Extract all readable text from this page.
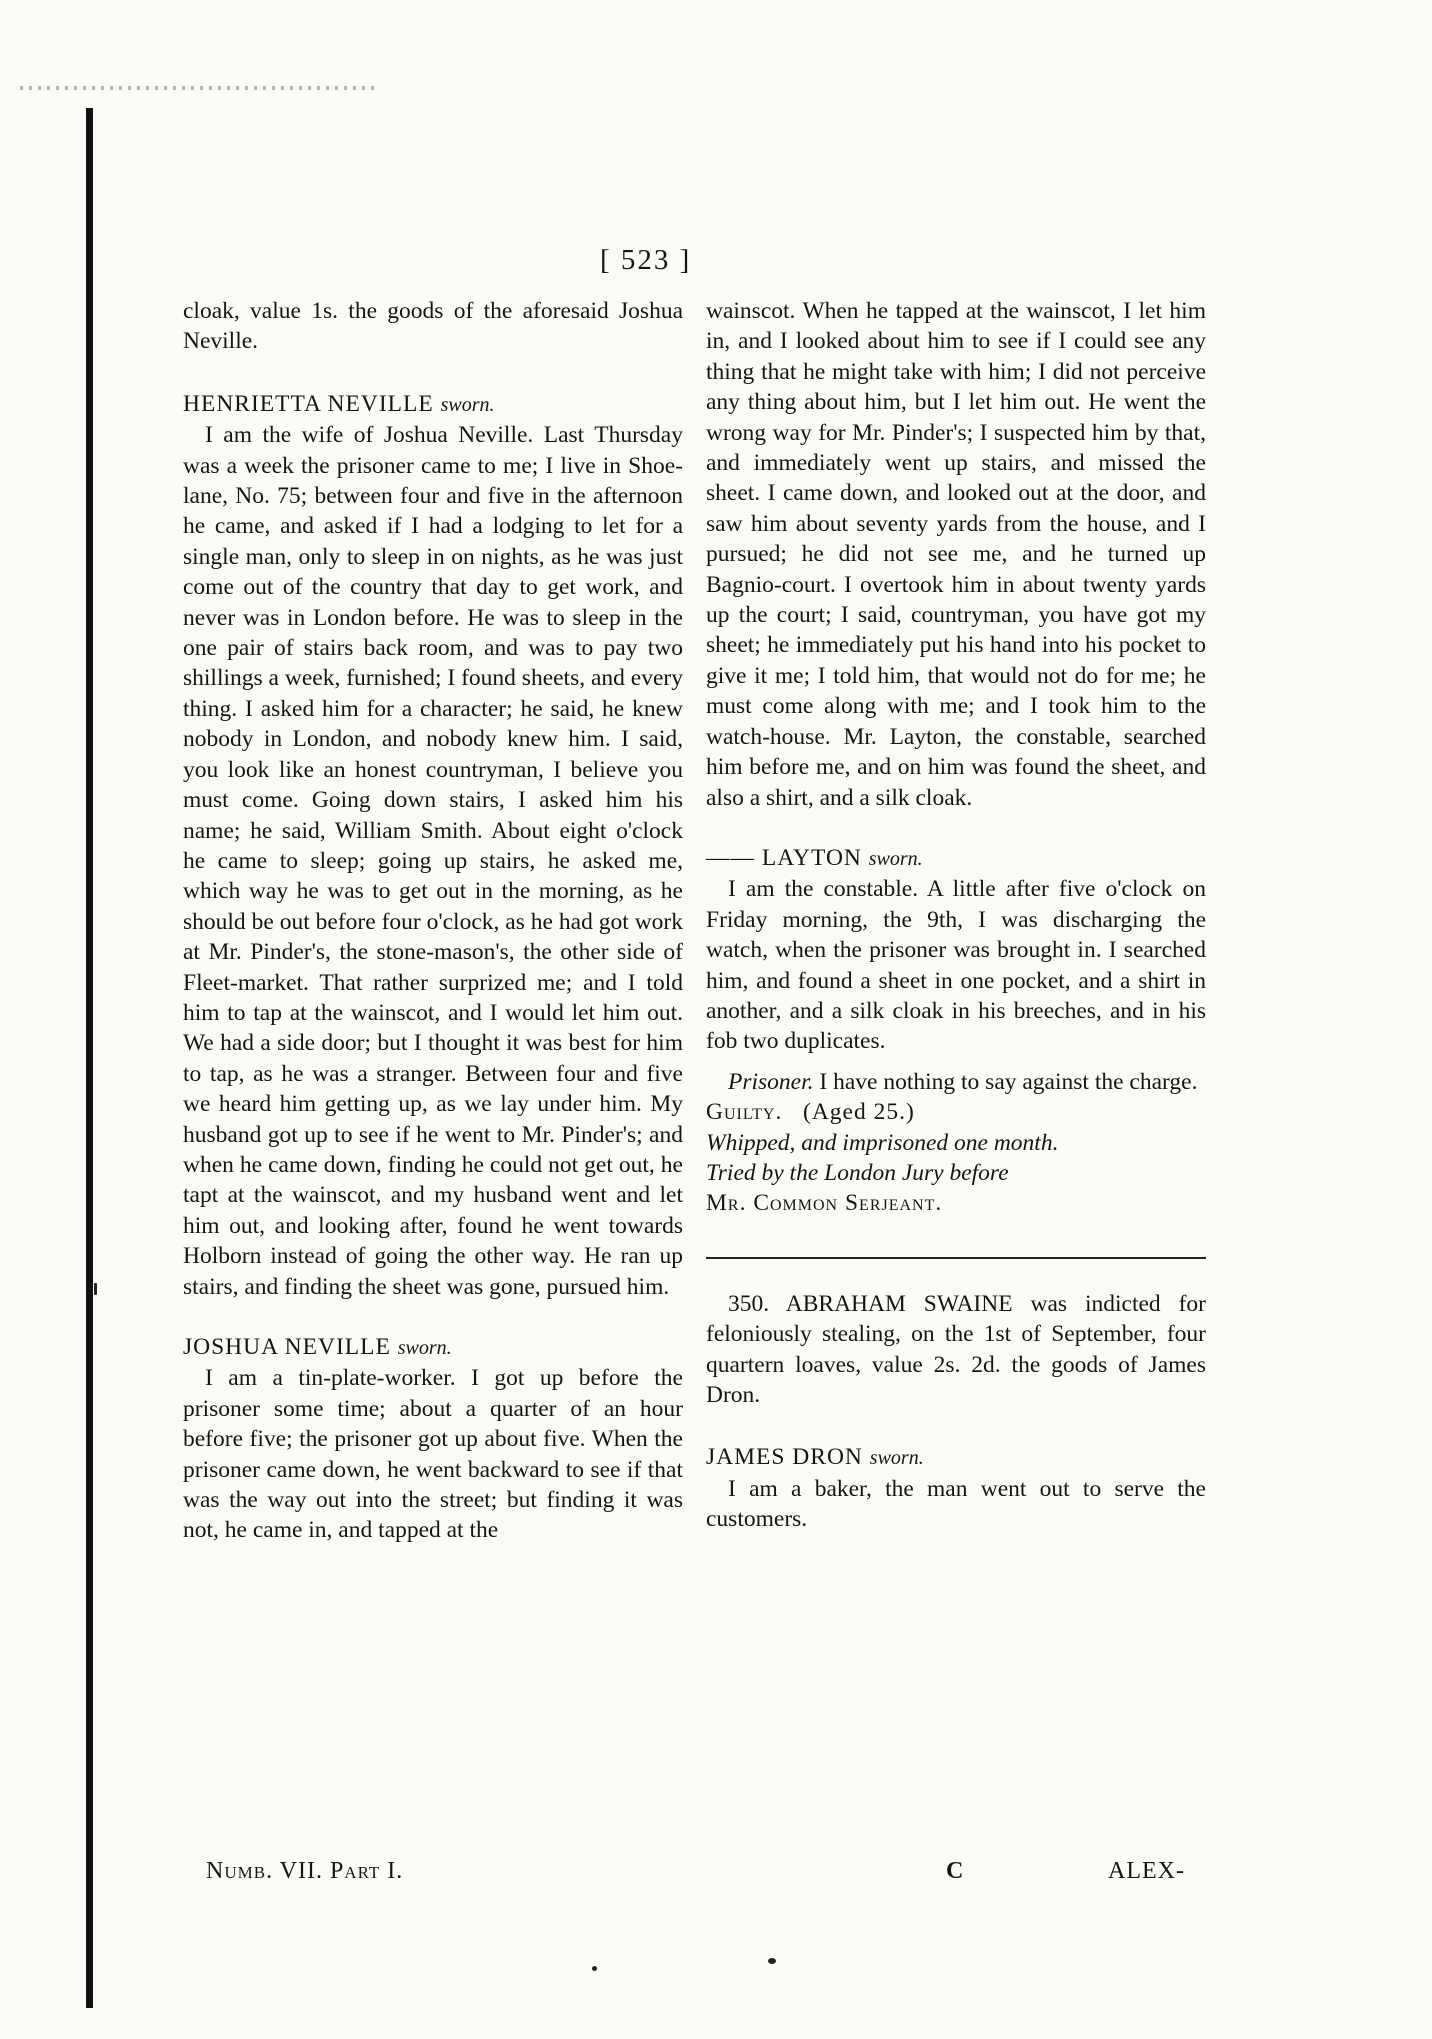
[ 523 ]

cloak, value 1s. the goods of the aforesaid Joshua Neville.

HENRIETTA NEVILLE sworn.

I am the wife of Joshua Neville. Last Thursday was a week the prisoner came to me; I live in Shoe-lane, No. 75; between four and five in the afternoon he came, and asked if I had a lodging to let for a single man, only to sleep in on nights, as he was just come out of the country that day to get work, and never was in London before. He was to sleep in the one pair of stairs back room, and was to pay two shillings a week, furnished; I found sheets, and every thing. I asked him for a character; he said, he knew nobody in London, and nobody knew him. I said, you look like an honest countryman, I believe you must come. Going down stairs, I asked him his name; he said, William Smith. About eight o'clock he came to sleep; going up stairs, he asked me, which way he was to get out in the morning, as he should be out before four o'clock, as he had got work at Mr. Pinder's, the stone-mason's, the other side of Fleet-market. That rather surprized me; and I told him to tap at the wainscot, and I would let him out. We had a side door; but I thought it was best for him to tap, as he was a stranger. Between four and five we heard him getting up, as we lay under him. My husband got up to see if he went to Mr. Pinder's; and when he came down, finding he could not get out, he tapt at the wainscot, and my husband went and let him out, and looking after, found he went towards Holborn instead of going the other way. He ran up stairs, and finding the sheet was gone, pursued him.

JOSHUA NEVILLE sworn.

I am a tin-plate-worker. I got up before the prisoner some time; about a quarter of an hour before five; the prisoner got up about five. When the prisoner came down, he went backward to see if that was the way out into the street; but finding it was not, he came in, and tapped at the

wainscot. When he tapped at the wainscot, I let him in, and I looked about him to see if I could see any thing that he might take with him; I did not perceive any thing about him, but I let him out. He went the wrong way for Mr. Pinder's; I suspected him by that, and immediately went up stairs, and missed the sheet. I came down, and looked out at the door, and saw him about seventy yards from the house, and I pursued; he did not see me, and he turned up Bagnio-court. I overtook him in about twenty yards up the court; I said, countryman, you have got my sheet; he immediately put his hand into his pocket to give it me; I told him, that would not do for me; he must come along with me; and I took him to the watch-house. Mr. Layton, the constable, searched him before me, and on him was found the sheet, and also a shirt, and a silk cloak.

—— LAYTON sworn.

I am the constable. A little after five o'clock on Friday morning, the 9th, I was discharging the watch, when the prisoner was brought in. I searched him, and found a sheet in one pocket, and a shirt in another, and a silk cloak in his breeches, and in his fob two duplicates.

Prisoner. I have nothing to say against the charge.

Guilty. (Aged 25.)

Whipped, and imprisoned one month.

Tried by the London Jury before

Mr. Common Serjeant.

350. ABRAHAM SWAINE was indicted for feloniously stealing, on the 1st of September, four quartern loaves, value 2s. 2d. the goods of James Dron.

JAMES DRON sworn.

I am a baker, the man went out to serve the customers.

Numb. VII. Part I.	C	ALEX-
